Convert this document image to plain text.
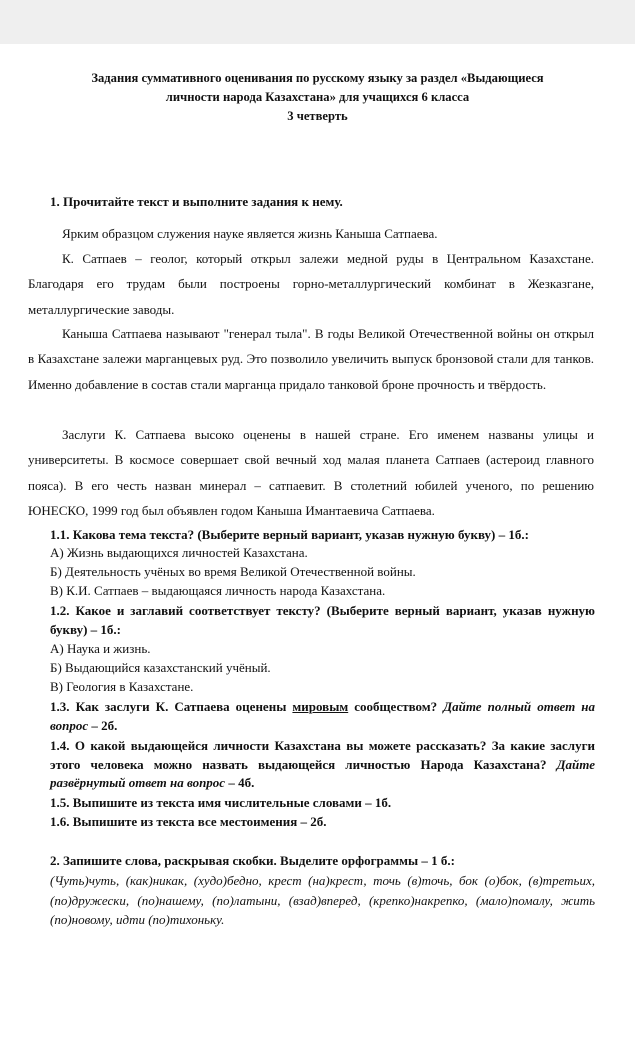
Задания суммативного оценивания по русскому языку за раздел «Выдающиеся
личности народа Казахстана» для учащихся 6 класса
3 четверть
1. Прочитайте текст и выполните задания к нему.
Ярким образцом служения науке является жизнь Каныша Сатпаева.
К. Сатпаев – геолог, который открыл залежи медной руды в Центральном Казахстане. Благодаря его трудам были построены горно-металлургический комбинат в Жезказгане, металлургические заводы.
Каныша Сатпаева называют "генерал тыла". В годы Великой Отечественной войны он открыл в Казахстане залежи марганцевых руд. Это позволило увеличить выпуск бронзовой стали для танков. Именно добавление в состав стали марганца придало танковой броне прочность и твёрдость.
Заслуги К. Сатпаева высоко оценены в нашей стране. Его именем названы улицы и университеты. В космосе совершает свой вечный ход малая планета Сатпаев (астероид главного пояса). В его честь назван минерал – сатпаевит. В столетний юбилей ученого, по решению ЮНЕСКО, 1999 год был объявлен годом Каныша Имантаевича Сатпаева.
1.1. Какова тема текста? (Выберите верный вариант, указав нужную букву) – 1б.:
А) Жизнь выдающихся личностей Казахстана.
Б) Деятельность учёных во время Великой Отечественной войны.
В) К.И. Сатпаев – выдающаяся личность народа Казахстана.
1.2. Какое и заглавий соответствует тексту? (Выберите верный вариант, указав нужную букву) – 1б.:
А) Наука и жизнь.
Б) Выдающийся казахстанский учёный.
В) Геология в Казахстане.
1.3. Как заслуги К. Сатпаева оценены мировым сообществом? Дайте полный ответ на вопрос – 2б.
1.4. О какой выдающейся личности Казахстана вы можете рассказать? За какие заслуги этого человека можно назвать выдающейся личностью Народа Казахстана? Дайте развёрнутый ответ на вопрос – 4б.
1.5. Выпишите из текста имя числительные словами – 1б.
1.6. Выпишите из текста все местоимения – 2б.
2. Запишите слова, раскрывая скобки. Выделите орфограммы – 1 б.:
(Чуть)чуть, (как)никак, (худо)бедно, крест (на)крест, точь (в)точь, бок (о)бок, (в)третьих, (по)дружески, (по)нашему, (по)латыни, (взад)вперед, (крепко)накрепко, (мало)помалу, жить (по)новому, идти (по)тихоньку.
